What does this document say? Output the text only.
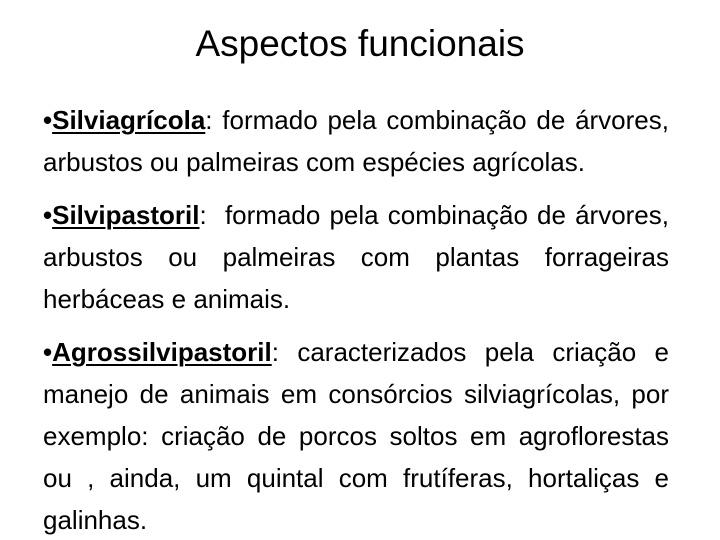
Aspectos funcionais

•Silviagrícola: formado pela combinação de árvores, arbustos ou palmeiras com espécies agrícolas.

•Silvipastoril:  formado pela combinação de árvores, arbustos ou palmeiras com plantas forrageiras herbáceas e animais.

•Agrossilvipastoril: caracterizados pela criação e manejo de animais em consórcios silviagrícolas, por exemplo: criação de porcos soltos em agroflorestas ou , ainda, um quintal com frutíferas, hortaliças e galinhas.
